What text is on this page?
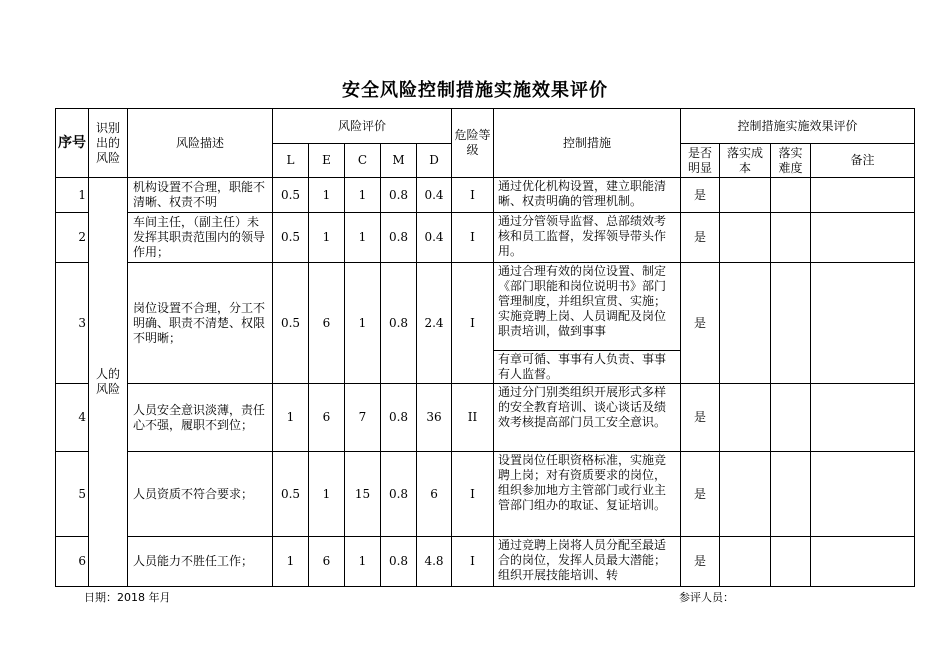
安全风险控制措施实施效果评价
序号	识别出的风险	风险描述	风险评价					危险等级	控制措施	控制措施实施效果评价			
			L	E	C	M	D			是否明显	落实成本	落实难度	备注
1	人的风险	机构设置不合理，职能不清晰、权责不明	0.5	1	1	0.8	0.4	I	通过优化机构设置，建立职能清晰、权责明确的管理机制。	是			
2		车间主任，（副主任）未发挥其职责范围内的领导作用；	0.5	1	1	0.8	0.4	I	通过分管领导监督、总部绩效考核和员工监督，发挥领导带头作用。	是			
3		岗位设置不合理，分工不明确、职责不清楚、权限不明晰；	0.5	6	1	0.8	2.4	I	通过合理有效的岗位设置、制定《部门职能和岗位说明书》部门管理制度，并组织宣贯、实施；实施竞聘上岗、人员调配及岗位职责培训，做到事事
有章可循、事事有人负责、事事有人监督。	是			
4		人员安全意识淡薄，责任心不强，履职不到位；	1	6	7	0.8	36	II	通过分门别类组织开展形式多样的安全教育培训、谈心谈话及绩效考核提高部门员工安全意识。	是			
5		人员资质不符合要求；	0.5	1	15	0.8	6	I	设置岗位任职资格标准，实施竞聘上岗；对有资质要求的岗位，组织参加地方主管部门或行业主管部门组办的取证、复证培训。	是			
6		人员能力不胜任工作；	1	6	1	0.8	4.8	I	通过竞聘上岗将人员分配至最适合的岗位，发挥人员最大潜能；组织开展技能培训、转	是			
日期：2018 年月	参评人员：
